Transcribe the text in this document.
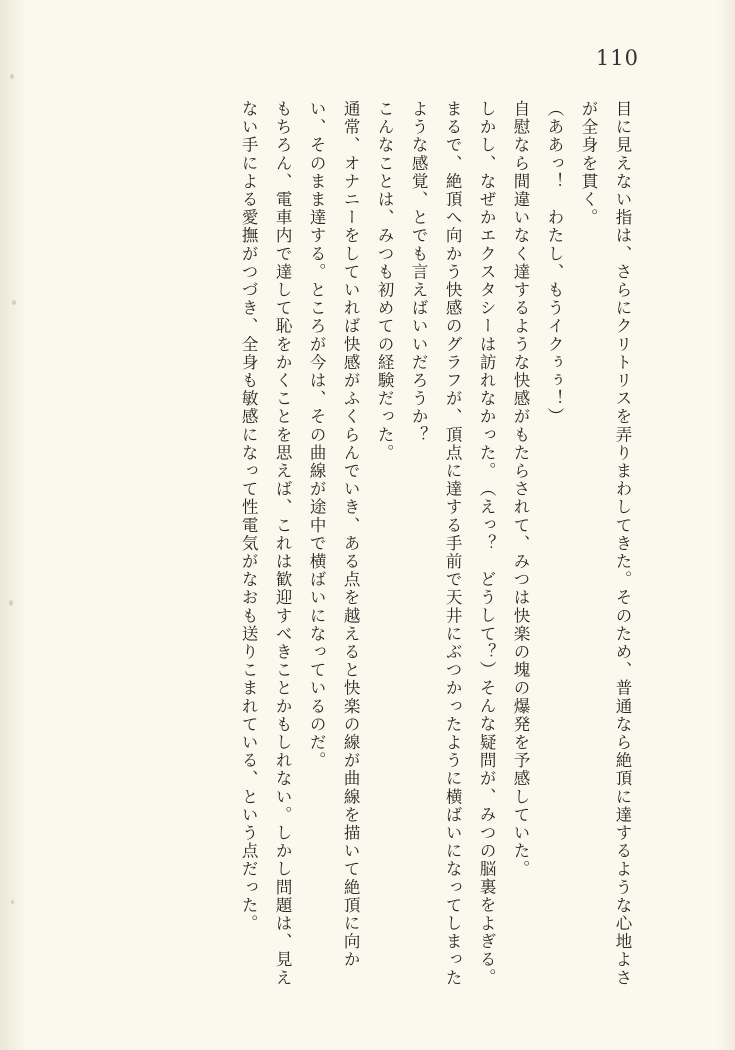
110

目に見えない指は、さらにクリトリスを弄りまわしてきた。そのため、普通なら絶頂に達するような心地よさが全身を貫く。

（ああっ！　わたし、もうイクぅぅ！）

自慰なら間違いなく達するような快感がもたらされて、みつは快楽の塊の爆発を予感していた。

しかし、なぜかエクスタシーは訪れなかった。

（えっ？　どうして？）

そんな疑問が、みつの脳裏をよぎる。

まるで、絶頂へ向かう快感のグラフが、頂点に達する手前で天井にぶつかったように横ばいになってしまったような感覚、とでも言えばいいだろうか？

こんなことは、みつも初めての経験だった。

通常、オナニーをしていれば快感がふくらんでいき、ある点を越えると快楽の線が曲線を描いて絶頂に向かい、そのまま達する。ところが今は、その曲線が途中で横ばいになっているのだ。

もちろん、電車内で達して恥をかくことを思えば、これは歓迎すべきことかもしれない。しかし問題は、見えない手による愛撫がつづき、全身も敏感になって性電気がなおも送りこまれている、という点だった。
